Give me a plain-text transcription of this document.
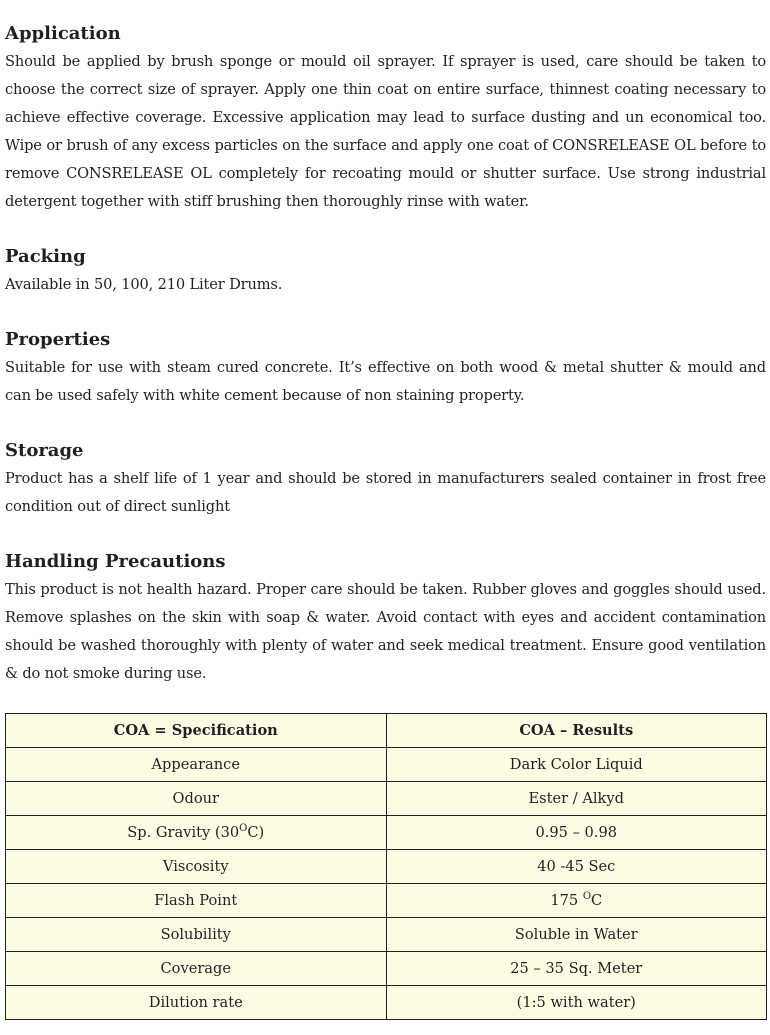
Application

Should be applied by brush sponge or mould oil sprayer. If sprayer is used, care should be taken to choose the correct size of sprayer. Apply one thin coat on entire surface, thinnest coating necessary to achieve effective coverage. Excessive application may lead to surface dusting and un economical too. Wipe or brush of any excess particles on the surface and apply one coat of CONSRELEASE OL before to remove CONSRELEASE OL completely for recoating mould or shutter surface. Use strong industrial detergent together with stiff brushing then thoroughly rinse with water.

Packing

Available in 50, 100, 210 Liter Drums.

Properties

Suitable for use with steam cured concrete. It’s effective on both wood & metal shutter & mould and can be used safely with white cement because of non staining property.

Storage

Product has a shelf life of 1 year and should be stored in manufacturers sealed container in frost free condition out of direct sunlight

Handling Precautions

This product is not health hazard. Proper care should be taken. Rubber gloves and goggles should used. Remove splashes on the skin with soap & water. Avoid contact with eyes and accident contamination should be washed thoroughly with plenty of water and seek medical treatment. Ensure good ventilation & do not smoke during use.

COA = Specification	COA – Results
Appearance	Dark Color Liquid
Odour	Ester / Alkyd
Sp. Gravity $(30^OC)$	0.95 – 0.98
Viscosity	40 -45 Sec
Flash Point	175 $^O$C
Solubility	Soluble in Water
Coverage	25 – 35 Sq. Meter
Dilution rate	(1:5 with water)
